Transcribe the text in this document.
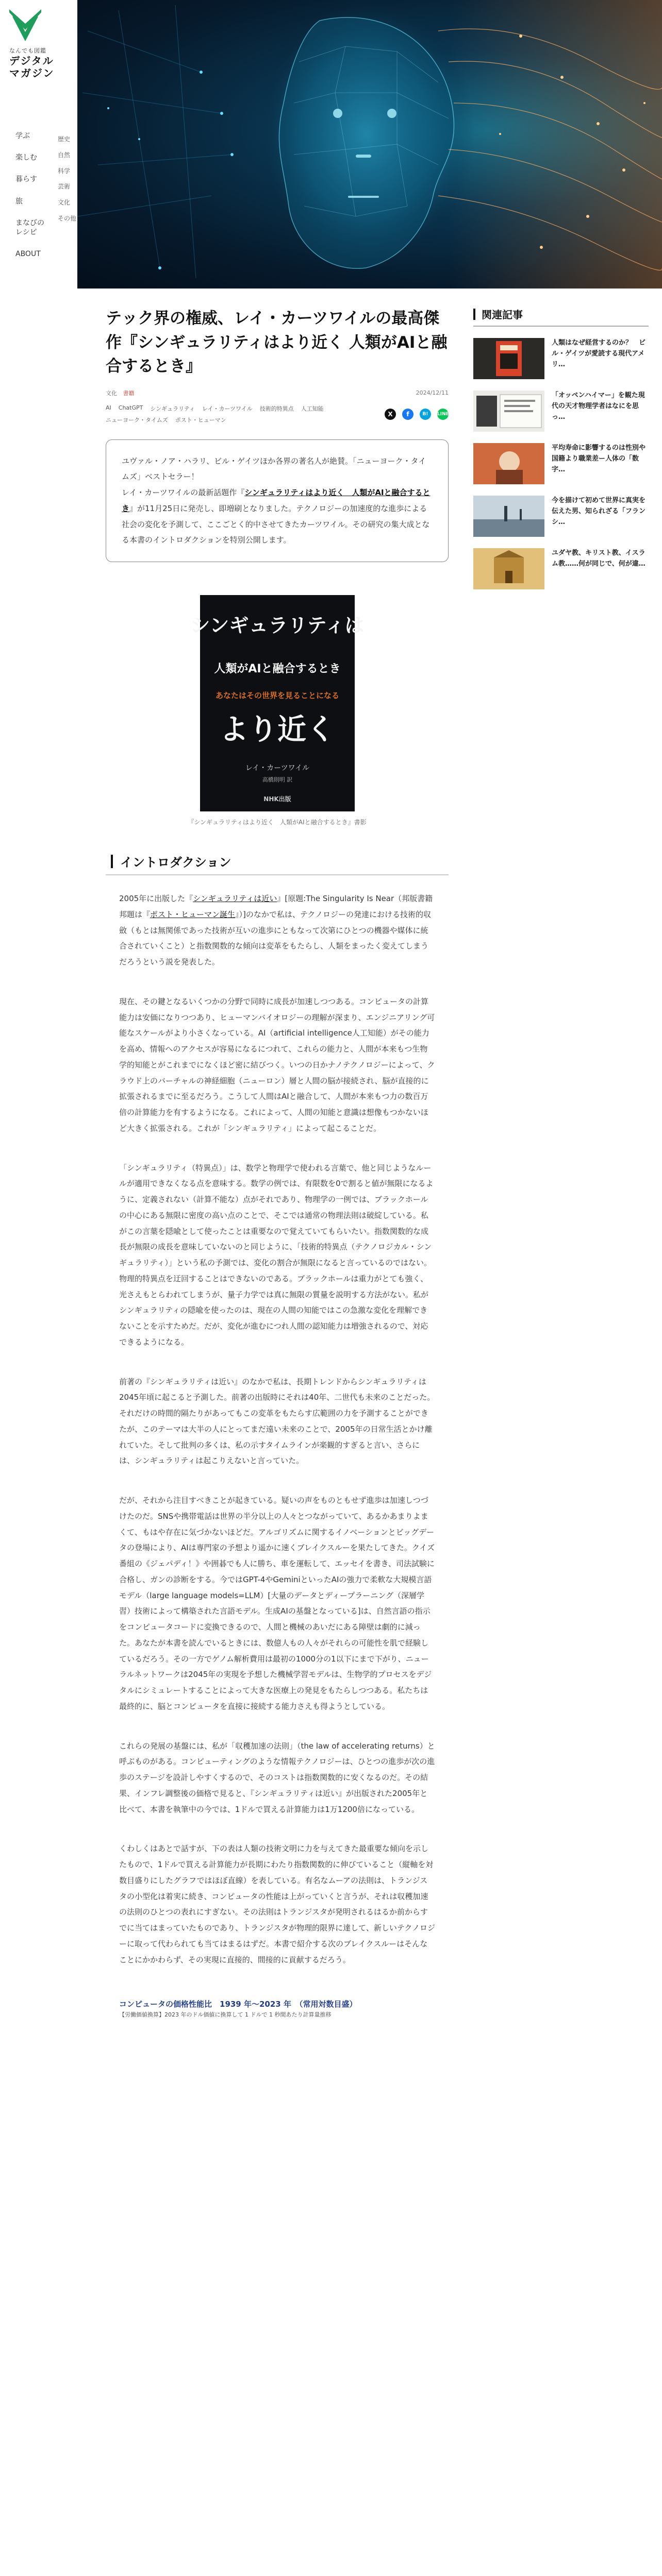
なんでも図鑑
デジタル
マガジン
学ぶ
楽しむ
暮らす
旅
まなびのレシピ
ABOUT
歴史
自然
科学
芸術
文化
その他
テック界の権威、レイ・カーツワイルの最高傑作『シンギュラリティはより近く 人類がAIと融合するとき』
文化 書籍	2024/12/11
AI ChatGPT シンギュラリティ レイ・カーツワイル 技術的特異点 人工知能
ニューヨーク・タイムズ ポスト・ヒューマン
X	f	B!	LINE

ユヴァル・ノア・ハラリ、ビル・ゲイツほか各界の著名人が絶賛。「ニューヨーク・タイムズ」ベストセラー！

レイ・カーツワイルの最新話題作『シンギュラリティはより近く　人類がAIと融合するとき』が11月25日に発売し、即増刷となりました。テクノロジーの加速度的な進歩による社会の変化を予測して、ここごとく的中させてきたカーツワイル。その研究の集大成となる本書のイントロダクションを特別公開します。

シンギュラリティは
人類がAIと融合するとき
あなたはその世界を見ることになる
より近く
レイ・カーツワイル
高橋則明 訳
NHK出版
『シンギュラリティはより近く　人類がAIと融合するとき』書影
イントロダクション

2005年に出版した『シンギュラリティは近い』[原題:The Singularity Is Near（邦版書籍邦題は『ポスト・ヒューマン誕生』）]のなかで私は、テクノロジーの発達における技術的収斂（もとは無関係であった技術が互いの進歩にともなって次第にひとつの機器や媒体に統合されていくこと）と指数関数的な傾向は変革をもたらし、人類をまったく変えてしまうだろうという説を発表した。

現在、その鍵となるいくつかの分野で同時に成長が加速しつつある。コンピュータの計算能力は安価になりつつあり、ヒューマンバイオロジーの理解が深まり、エンジニアリング可能なスケールがより小さくなっている。AI（artificial intelligence人工知能）がその能力を高め、情報へのアクセスが容易になるにつれて、これらの能力と、人間が本来もつ生物学的知能とがこれまでになくほど密に結びつく。いつの日かナノテクノロジーによって、クラウド上のバーチャルの神経細胞（ニューロン）層と人間の脳が接続され、脳が直接的に拡張されるまでに至るだろう。こうして人間はAIと融合して、人間が本来もつ力の数百万倍の計算能力を有するようになる。これによって、人間の知能と意識は想像もつかないほど大きく拡張される。これが「シンギュラリティ」によって起こることだ。

「シンギュラリティ（特異点）」は、数学と物理学で使われる言葉で、他と同じようなルールが適用できなくなる点を意味する。数学の例では、有限数を0で割ると値が無限になるように、定義されない（計算不能な）点がそれであり、物理学の一例では、ブラックホールの中心にある無限に密度の高い点のことで、そこでは通常の物理法則は破綻している。私がこの言葉を隠喩として使ったことは重要なので覚えていてもらいたい。指数関数的な成長が無限の成長を意味していないのと同じように、「技術的特異点（テクノロジカル・シンギュラリティ）」という私の予測では、変化の割合が無限になると言っているのではない。物理的特異点を迂回することはできないのである。ブラックホールは重力がとても強く、光さえもとらわれてしまうが、量子力学では真に無限の質量を説明する方法がない。私がシンギュラリティの隠喩を使ったのは、現在の人間の知能ではこの急激な変化を理解できないことを示すためだ。だが、変化が進むにつれ人間の認知能力は増強されるので、対応できるようになる。

前著の『シンギュラリティは近い』のなかで私は、長期トレンドからシンギュラリティは2045年頃に起こると予測した。前著の出版時にそれは40年、二世代も未来のことだった。それだけの時間的隔たりがあってもこの変革をもたらす広範囲の力を予測することができたが、このテーマは大半の人にとってまだ遠い未来のことで、2005年の日常生活とかけ離れていた。そして批判の多くは、私の示すタイムラインが楽観的すぎると言い、さらには、シンギュラリティは起こりえないと言っていた。

だが、それから注目すべきことが起きている。疑いの声をものともせず進歩は加速しつづけたのだ。SNSや携帯電話は世界の半分以上の人々とつながっていて、あるかあまりよまくて、もはや存在に気づかないほどだ。アルゴリズムに関するイノベーションとビッグデータの登場により、AIは専門家の予想より遥かに速くブレイクスルーを果たしてきた。クイズ番組の《ジェパディ！》や囲碁でも人に勝ち、車を運転して、エッセイを書き、司法試験に合格し、ガンの診断をする。今ではGPT-4やGeminiといったAIの強力で柔軟な大規模言語モデル（large language models=LLM）[大量のデータとディープラーニング（深層学習）技術によって構築された言語モデル。生成AIの基盤となっている]は、自然言語の指示をコンピュータコードに変換できるので、人間と機械のあいだにある障壁は劇的に減った。あなたが本書を読んでいるときには、数億人もの人々がそれらの可能性を肌で経験しているだろう。その一方でゲノム解析費用は最初の1000分の1以下にまで下がり、ニューラルネットワークは2045年の実現を予想した機械学習モデルは、生物学的プロセスをデジタルにシミュレートすることによって大きな医療上の発見をもたらしつつある。私たちは最終的に、脳とコンピュータを直接に接続する能力さえも得ようとしている。

これらの発展の基盤には、私が「収穫加速の法則」（the law of accelerating returns）と呼ぶものがある。コンピューティングのような情報テクノロジーは、ひとつの進歩が次の進歩のステージを設計しやすくするので、そのコストは指数関数的に安くなるのだ。その結果、インフレ調整後の価格で見ると、『シンギュラリティは近い』が出版された2005年と比べて、本書を執筆中の今では、1ドルで買える計算能力は1万1200倍になっている。

くわしくはあとで話すが、下の表は人類の技術文明に力を与えてきた最重要な傾向を示したもので、1ドルで買える計算能力が長期にわたり指数関数的に伸びていること（縦軸を対数目盛りにしたグラフではほぼ直線）を表している。有名なムーアの法則は、トランジスタの小型化は着実に続き、コンピュータの性能は上がっていくと言うが、それは収穫加速の法則のひとつの表れにすぎない。その法則はトランジスタが発明されるはるか前からすでに当てはまっていたものであり、トランジスタが物理的限界に達して、新しいテクノロジーに取って代わられても当てはまるはずだ。本書で紹介する次のブレイクスルーはそんなことにかかわらず、その実現に直接的、間接的に貢献するだろう。

コンピュータの価格性能比　1939 年〜2023 年　（常用対数目盛）
【労働価値換算】2023 年のドル価値に換算して 1 ドルで 1 秒間あたり計算量推移
関連記事
人類はなぜ経営するのか？　ビル・ゲイツが愛読する現代アメリ…
「オッペンハイマー」を観た現代の天才物理学者はなにを思っ…
平均寿命に影響するのは性別や国籍より職業差ー人体の「数字…
今を描けて初めて世界に真実を伝えた男、知られざる「フランシ…
ユダヤ教、キリスト教、イスラム教……何が同じで、何が違…
